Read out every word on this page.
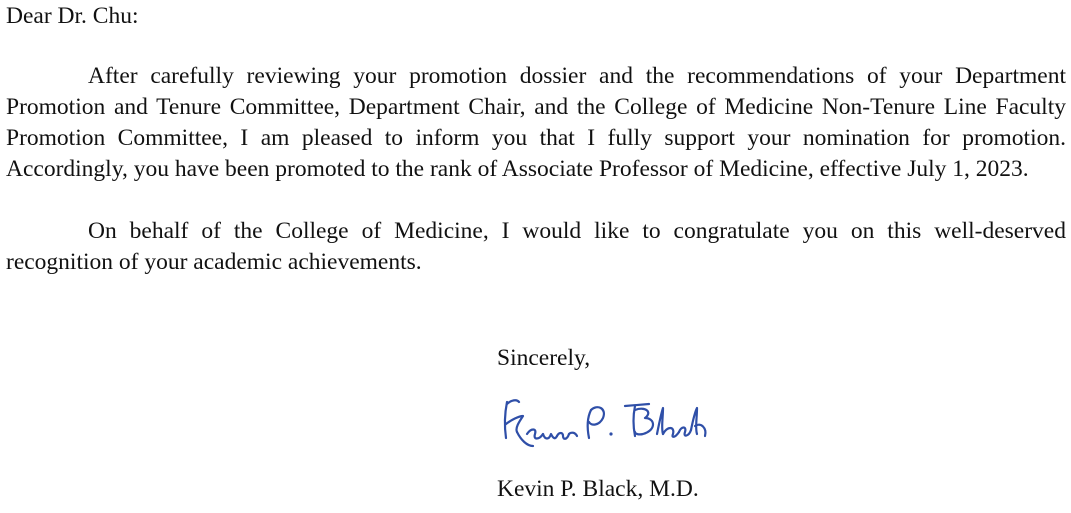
Dear Dr. Chu:

After carefully reviewing your promotion dossier and the recommendations of your Department Promotion and Tenure Committee, Department Chair, and the College of Medicine Non-Tenure Line Faculty Promotion Committee, I am pleased to inform you that I fully support your nomination for promotion. Accordingly, you have been promoted to the rank of Associate Professor of Medicine, effective July 1, 2023.

On behalf of the College of Medicine, I would like to congratulate you on this well-deserved recognition of your academic achievements.

Sincerely,

Kevin P. Black, M.D.
